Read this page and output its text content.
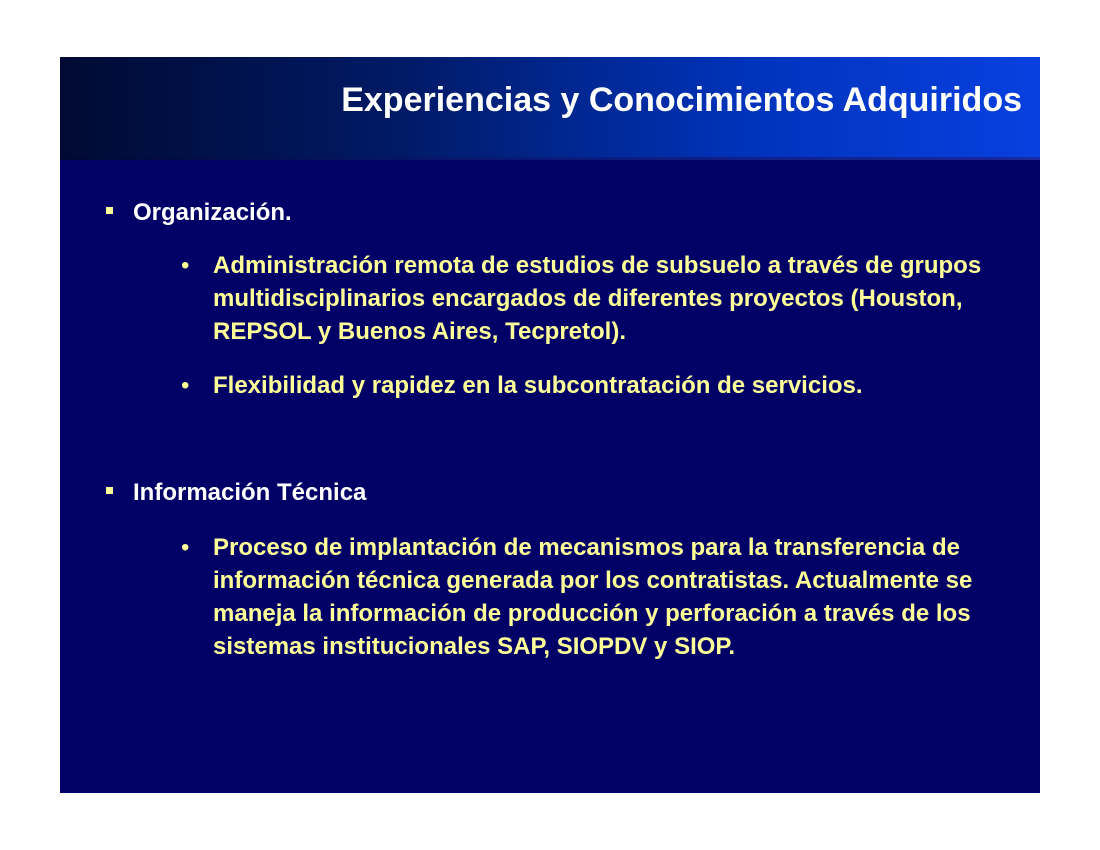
Experiencias y Conocimientos Adquiridos
Organización.
• Administración remota de estudios de subsuelo a través de grupos multidisciplinarios encargados de diferentes proyectos (Houston, REPSOL y Buenos Aires, Tecpretol).
• Flexibilidad y rapidez en la subcontratación de servicios.
Información Técnica
• Proceso de implantación de mecanismos para la transferencia de información técnica generada por los contratistas. Actualmente se maneja la información de producción y perforación a través de los sistemas institucionales SAP, SIOPDV y SIOP.
